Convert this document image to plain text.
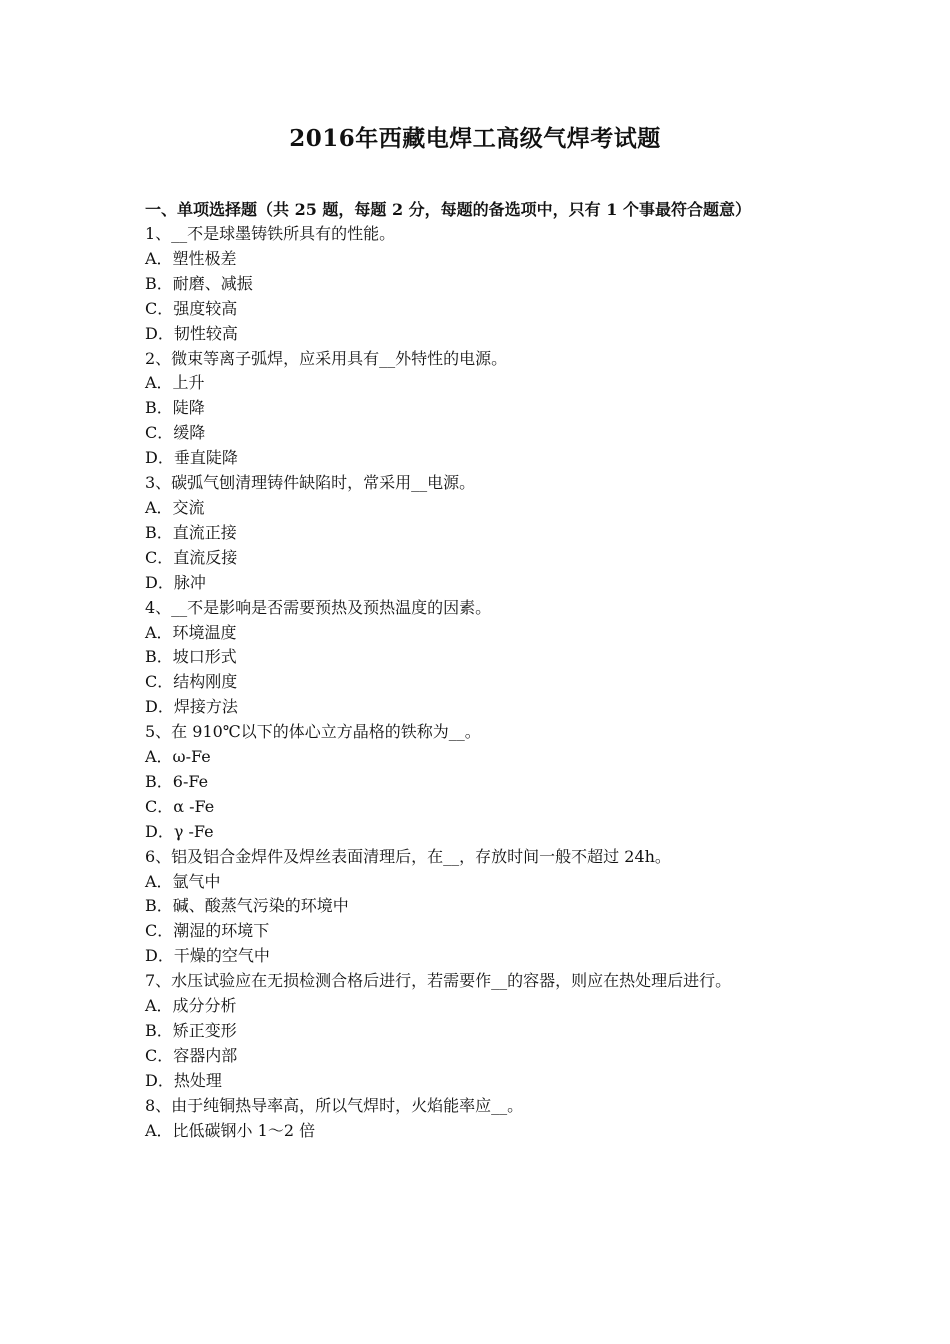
2016年西藏电焊工高级气焊考试题

一、单项选择题（共 25 题，每题 2 分，每题的备选项中，只有 1 个事最符合题意）

1、__不是球墨铸铁所具有的性能。

A．塑性极差

B．耐磨、减振

C．强度较高

D．韧性较高

2、微束等离子弧焊，应采用具有__外特性的电源。

A．上升

B．陡降

C．缓降

D．垂直陡降

3、碳弧气刨清理铸件缺陷时，常采用__电源。

A．交流

B．直流正接

C．直流反接

D．脉冲

4、__不是影响是否需要预热及预热温度的因素。

A．环境温度

B．坡口形式

C．结构刚度

D．焊接方法

5、在 910℃以下的体心立方晶格的铁称为__。

A．ω-Fe

B．6-Fe

C．α -Fe

D．γ -Fe

6、铝及铝合金焊件及焊丝表面清理后，在__，存放时间一般不超过 24h。

A．氩气中

B．碱、酸蒸气污染的环境中

C．潮湿的环境下

D．干燥的空气中

7、水压试验应在无损检测合格后进行，若需要作__的容器，则应在热处理后进行。

A．成分分析

B．矫正变形

C．容器内部

D．热处理

8、由于纯铜热导率高，所以气焊时，火焰能率应__。

A．比低碳钢小 1～2 倍
